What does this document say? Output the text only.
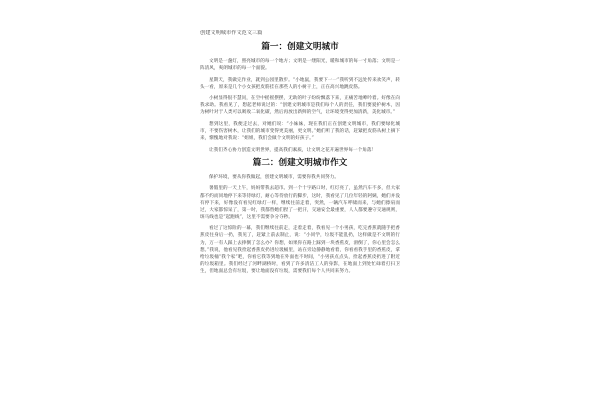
创建文明城市作文范文三篇
篇一：创建文明城市

文明是一盏灯，照亮城市的每一个地方；文明是一缕阳光，暖和城市的每一寸角落；文明是一阵清风，爽朗城市的每一个面貌。

星期天，我做完作业，就到公园里散步。“小地鼠，我要下一一”我听到不远处传来欢笑声，转头一看，原来是几个小女孩把皮筋挂在那些人的小树干上，正在高兴地跳皮筋。

小树显得很不慧问，在空中摇摇摆摆，无助的叶子纷纷飘落下来，正痛苦地呻吟着。好像在向我求助。我看见了，想起老师说过的：“创建文明城市是我们每个人的责任，我们要爱护树木，因为树叶对于人类可以吸收二氧化碳，然后再放出新鲜的空气，让环境变得更加清新，美化城市。”

想到这里，我便走过去，对她们说：“小妹妹，现在我们正在创建文明城市，我们要绿化城市，不要伤害树木，让我们的城市变得更美丽，更文明。”她们听了我的话，赶紧把皮筋从树上摘下来，惭愧地对我说：“姐姐，我们会做个文明的好孩子。”

让我们齐心协力创造文明世界，提高我们素质，让文明之花开遍世界每一个角落！

篇二：创建文明城市作文

保护环境，要从你我做起，创建文明城市，需要你我共同努力。

暑假里的一天上午，妈妈带我去超市。到一个十字路口时，红灯亮了，虽然汽车不多，但大家都不约而同地停下来等待绿灯，耐心等待放行的脚步，这时，我看见了几位年轻的阿姨，她们并没有停下来，好像没有看见红绿灯一样，继续往前走着，突然，一辆汽车呼啸而来，与她们擦肩而过，大家都惊呆了，第一时，我都替她们捏了一把汗，交通安全最重要，人人都要遵守交通规则，斑马线也是“起跑线”，这里不需要争分夺秒。

看过了这惊险的一幕，我们继续往前走，走着走着，我看见一个小男孩，吃完香蕉就随手把香蕉皮往身后一扔，我见了，赶紧上前去制止，说：“小同学，垃圾不能乱扔，这样做是不文明的行为，万一有人踩上去摔倒了怎么办？你想，如果你在路上踩到一块香蕉皮，滑倒了，你心里会怎么想。”我说，他看见我捡起香蕉皮扔进垃圾桶里，站在旁边静静地看着，你看看我手里的香蕉皮，拿给垃圾桶“我个家”吧，你看它我等到地在外面也不时间，“小男孩点点头，捡起香蕉皮扔进了附近的垃圾箱里。我们经过了河畔湖桥时，看到了许多清洁工人的身影，在地面上到处忙碌着打扫卫生，但地面总会有垃圾，要让地面没有垃圾，需要我们每个人共同来努力。
